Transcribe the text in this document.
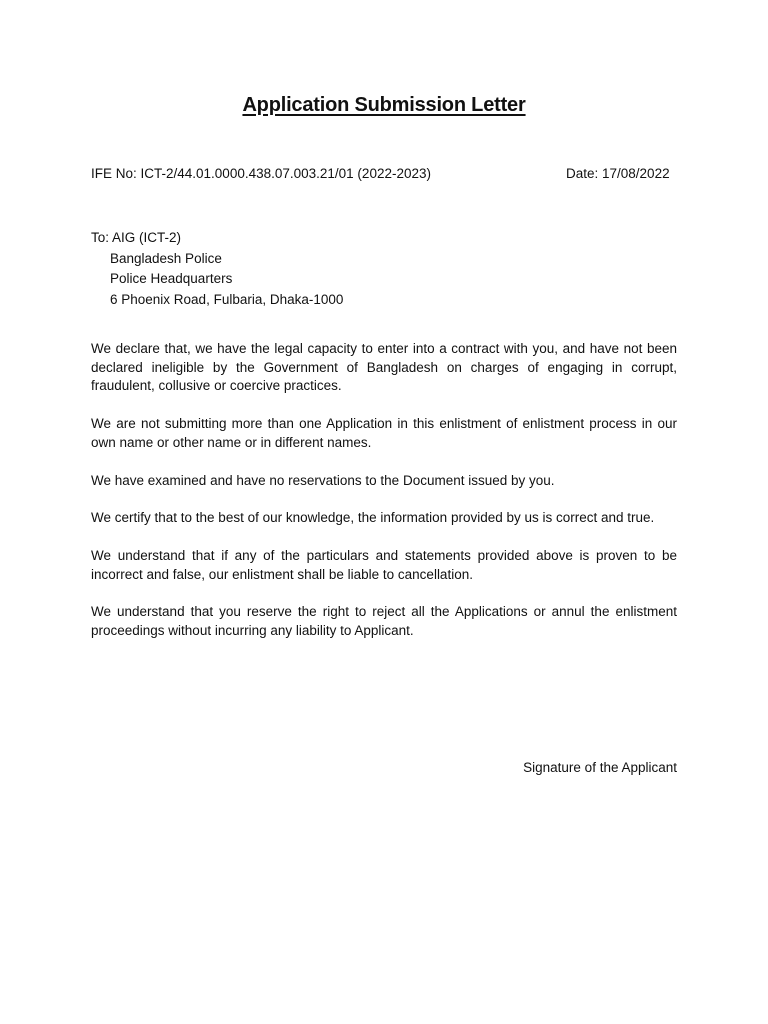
Application Submission Letter
IFE No: ICT-2/44.01.0000.438.07.003.21/01 (2022-2023)	Date: 17/08/2022
To: AIG (ICT-2)
Bangladesh Police
Police Headquarters
6 Phoenix Road, Fulbaria, Dhaka-1000

We declare that, we have the legal capacity to enter into a contract with you, and have not been declared ineligible by the Government of Bangladesh on charges of engaging in corrupt, fraudulent, collusive or coercive practices.

We are not submitting more than one Application in this enlistment of enlistment process in our own name or other name or in different names.

We have examined and have no reservations to the Document issued by you.

We certify that to the best of our knowledge, the information provided by us is correct and true.

We understand that if any of the particulars and statements provided above is proven to be incorrect and false, our enlistment shall be liable to cancellation.

We understand that you reserve the right to reject all the Applications or annul the enlistment proceedings without incurring any liability to Applicant.

Signature of the Applicant
